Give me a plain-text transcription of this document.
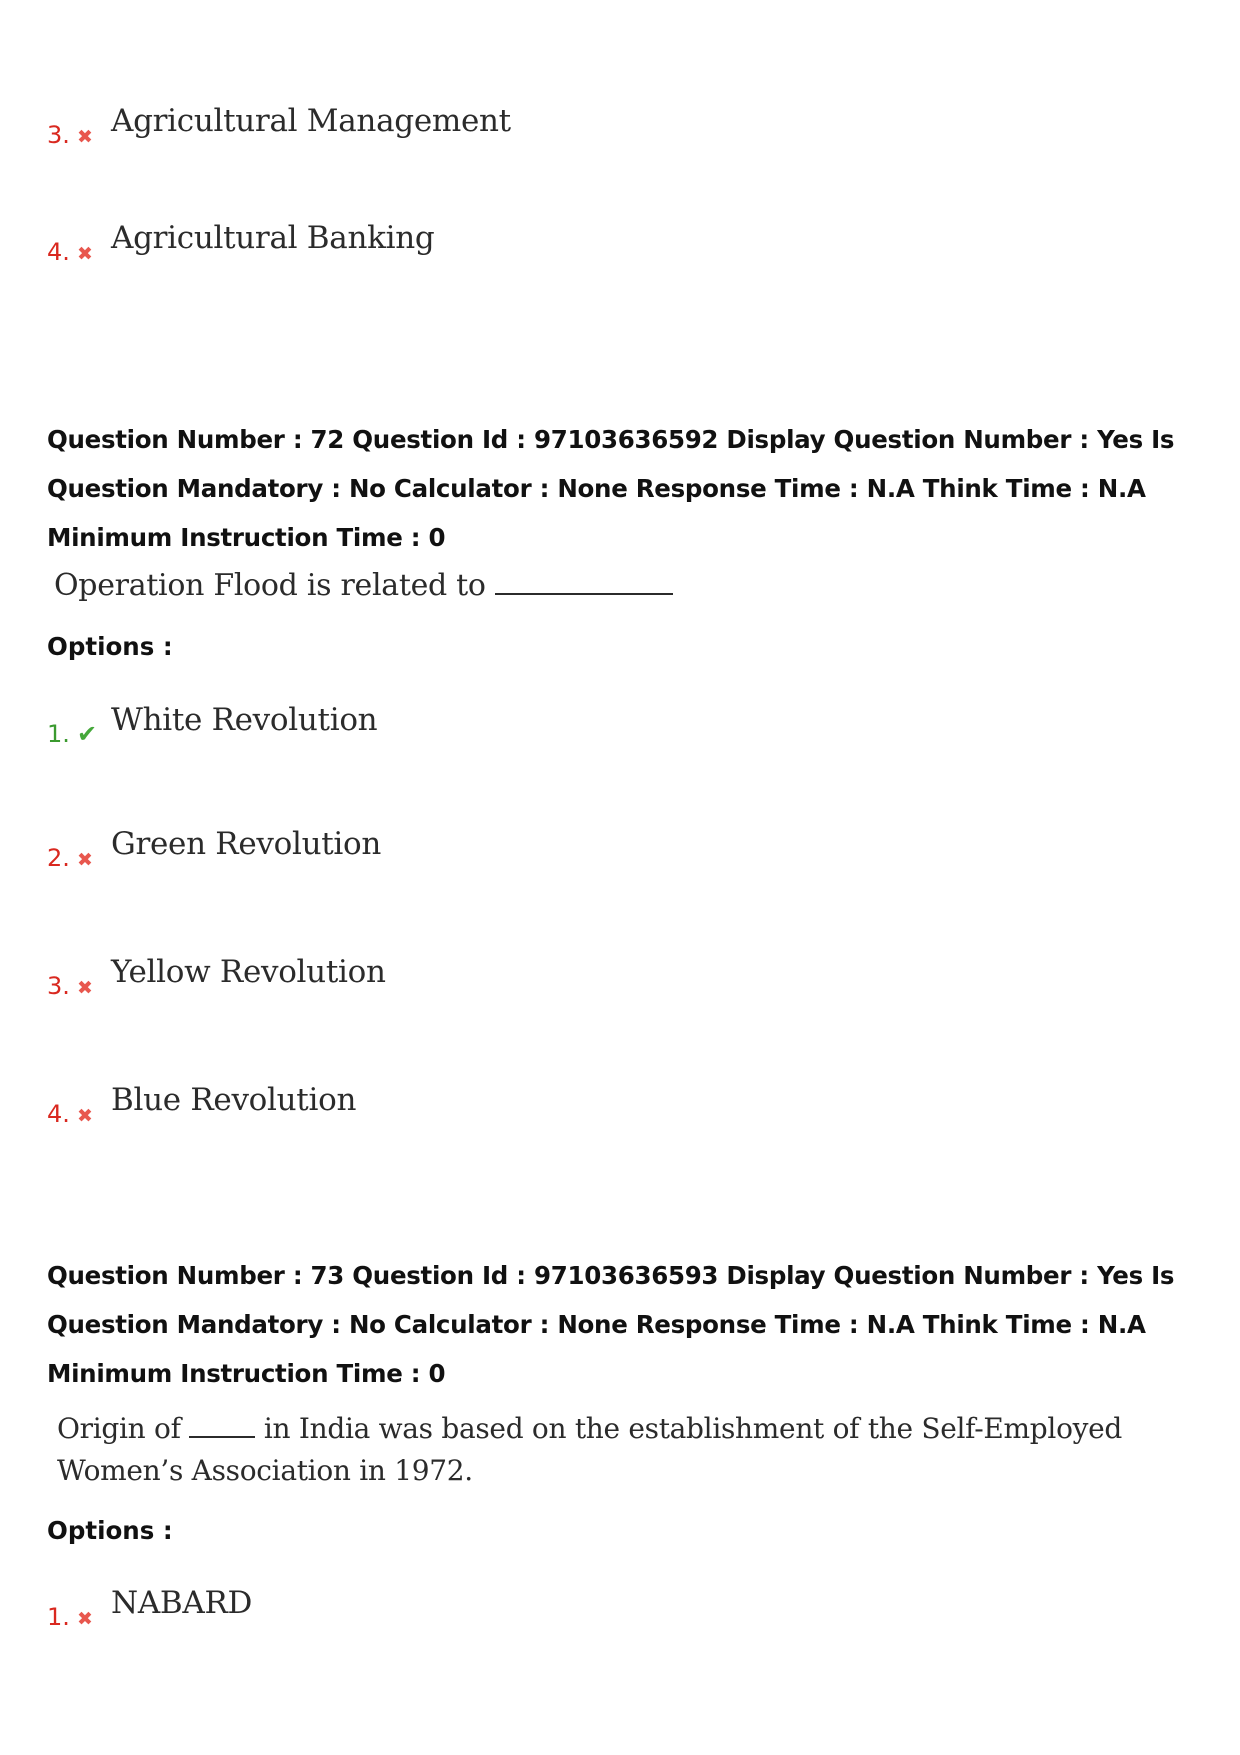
3. ✖ Agricultural Management
4. ✖ Agricultural Banking
Question Number : 72 Question Id : 97103636592 Display Question Number : Yes Is Question Mandatory : No Calculator : None Response Time : N.A Think Time : N.A Minimum Instruction Time : 0
Operation Flood is related to
Options :
1. ✔ White Revolution
2. ✖ Green Revolution
3. ✖ Yellow Revolution
4. ✖ Blue Revolution
Question Number : 73 Question Id : 97103636593 Display Question Number : Yes Is Question Mandatory : No Calculator : None Response Time : N.A Think Time : N.A Minimum Instruction Time : 0
Origin of	in India was based on the establishment of the Self-Employed
Women’s Association in 1972.
Options :
1. ✖ NABARD
